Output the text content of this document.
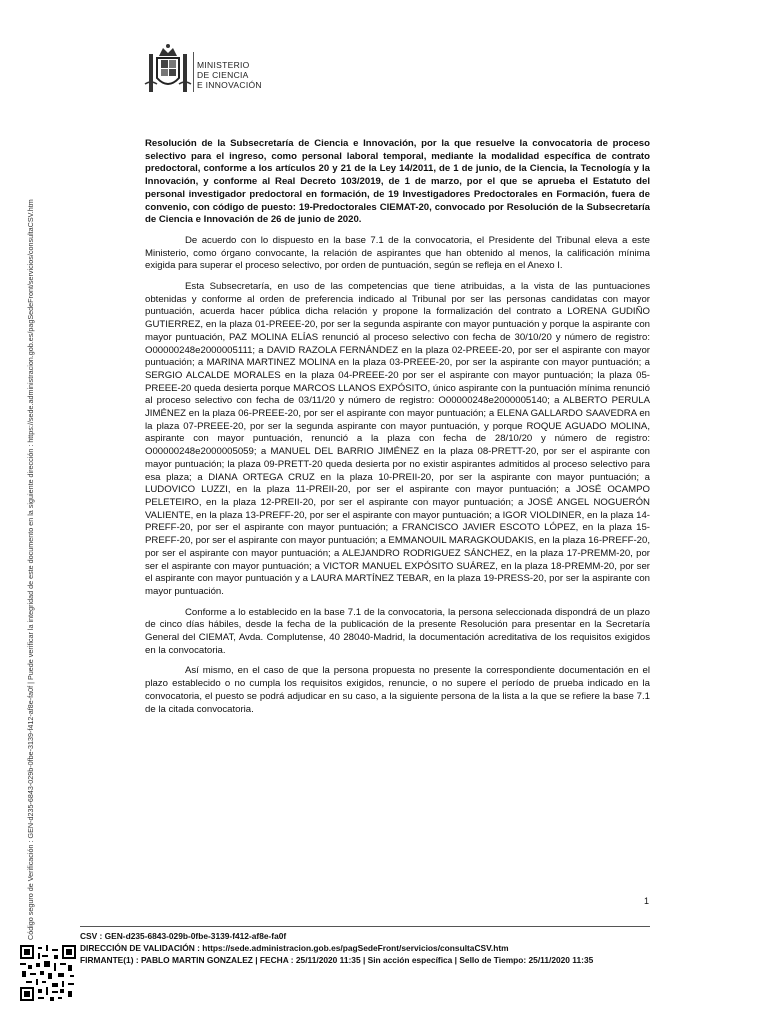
Código seguro de Verificación : GEN-d235-6843-029b-0fbe-3139-f412-af8e-fa0f | Puede verificar la integridad de este documento en la siguiente dirección : https://sede.administracion.gob.es/pagSedeFront/servicios/consultaCSV.htm
MINISTERIO
DE CIENCIA
E INNOVACIÓN

Resolución de la Subsecretaría de Ciencia e Innovación, por la que resuelve la convocatoria de proceso selectivo para el ingreso, como personal laboral temporal, mediante la modalidad específica de contrato predoctoral, conforme a los artículos 20 y 21 de la Ley 14/2011, de 1 de junio, de la Ciencia, la Tecnología y la Innovación, y conforme al Real Decreto 103/2019, de 1 de marzo, por el que se aprueba el Estatuto del personal investigador predoctoral en formación, de 19 Investigadores Predoctorales en Formación, fuera de convenio, con código de puesto: 19-Predoctorales CIEMAT-20, convocado por Resolución de la Subsecretaría de Ciencia e Innovación de 26 de junio de 2020.

De acuerdo con lo dispuesto en la base 7.1 de la convocatoria, el Presidente del Tribunal eleva a este Ministerio, como órgano convocante, la relación de aspirantes que han obtenido al menos, la calificación mínima exigida para superar el proceso selectivo, por orden de puntuación, según se refleja en el Anexo I.

Esta Subsecretaría, en uso de las competencias que tiene atribuidas, a la vista de las puntuaciones obtenidas y conforme al orden de preferencia indicado al Tribunal por ser las personas candidatas con mayor puntuación, acuerda hacer pública dicha relación y propone la formalización del contrato a LORENA GUDIÑO GUTIERREZ, en la plaza 01-PREEE-20, por ser la segunda aspirante con mayor puntuación y porque la aspirante con mayor puntuación, PAZ MOLINA ELÍAS renunció al proceso selectivo con fecha de 30/10/20 y número de registro: O00000248e2000005111; a DAVID RAZOLA FERNÁNDEZ en la plaza 02-PREEE-20, por ser el aspirante con mayor puntuación; a MARINA MARTINEZ MOLINA en la plaza 03-PREEE-20, por ser la aspirante con mayor puntuación; a SERGIO ALCALDE MORALES en la plaza 04-PREEE-20 por ser el aspirante con mayor puntuación; la plaza 05-PREEE-20 queda desierta porque MARCOS LLANOS EXPÓSITO, único aspirante con la puntuación mínima renunció al proceso selectivo con fecha de 03/11/20 y número de registro: O00000248e2000005140; a ALBERTO PERULA JIMÉNEZ en la plaza 06-PREEE-20, por ser el aspirante con mayor puntuación; a ELENA GALLARDO SAAVEDRA en la plaza 07-PREEE-20, por ser la segunda aspirante con mayor puntuación, y porque ROQUE AGUADO MOLINA, aspirante con mayor puntuación, renunció a la plaza con fecha de 28/10/20 y número de registro: O00000248e2000005059; a MANUEL DEL BARRIO JIMÉNEZ en la plaza 08-PRETT-20, por ser el aspirante con mayor puntuación; la plaza 09-PRETT-20 queda desierta por no existir aspirantes admitidos al proceso selectivo para esa plaza; a DIANA ORTEGA CRUZ en la plaza 10-PREII-20, por ser la aspirante con mayor puntuación; a LUDOVICO LUZZI, en la plaza 11-PREII-20, por ser el aspirante con mayor puntuación; a JOSÉ OCAMPO PELETEIRO, en la plaza 12-PREII-20, por ser el aspirante con mayor puntuación; a JOSÉ ANGEL NOGUERÓN VALIENTE, en la plaza 13-PREFF-20, por ser el aspirante con mayor puntuación; a IGOR VIOLDINER, en la plaza 14-PREFF-20, por ser el aspirante con mayor puntuación; a FRANCISCO JAVIER ESCOTO LÓPEZ, en la plaza 15-PREFF-20, por ser el aspirante con mayor puntuación; a EMMANOUIL MARAGKOUDAKIS, en la plaza 16-PREFF-20, por ser el aspirante con mayor puntuación; a ALEJANDRO RODRIGUEZ SÁNCHEZ, en la plaza 17-PREMM-20, por ser el aspirante con mayor puntuación; a VICTOR MANUEL EXPÓSITO SUÁREZ, en la plaza 18-PREMM-20, por ser el aspirante con mayor puntuación y a LAURA MARTÍNEZ TEBAR, en la plaza 19-PRESS-20, por ser la aspirante con mayor puntuación.

Conforme a lo establecido en la base 7.1 de la convocatoria, la persona seleccionada dispondrá de un plazo de cinco días hábiles, desde la fecha de la publicación de la presente Resolución para presentar en la Secretaría General del CIEMAT, Avda. Complutense, 40 28040-Madrid, la documentación acreditativa de los requisitos exigidos en la convocatoria.

Así mismo, en el caso de que la persona propuesta no presente la correspondiente documentación en el plazo establecido o no cumpla los requisitos exigidos, renuncie, o no supere el período de prueba indicado en la convocatoria, el puesto se podrá adjudicar en su caso, a la siguiente persona de la lista a la que se refiere la base 7.1 de la citada convocatoria.

1
CSV : GEN-d235-6843-029b-0fbe-3139-f412-af8e-fa0f
DIRECCIÓN DE VALIDACIÓN : https://sede.administracion.gob.es/pagSedeFront/servicios/consultaCSV.htm
FIRMANTE(1) : PABLO MARTIN GONZALEZ | FECHA : 25/11/2020 11:35 | Sin acción específica | Sello de Tiempo: 25/11/2020 11:35
